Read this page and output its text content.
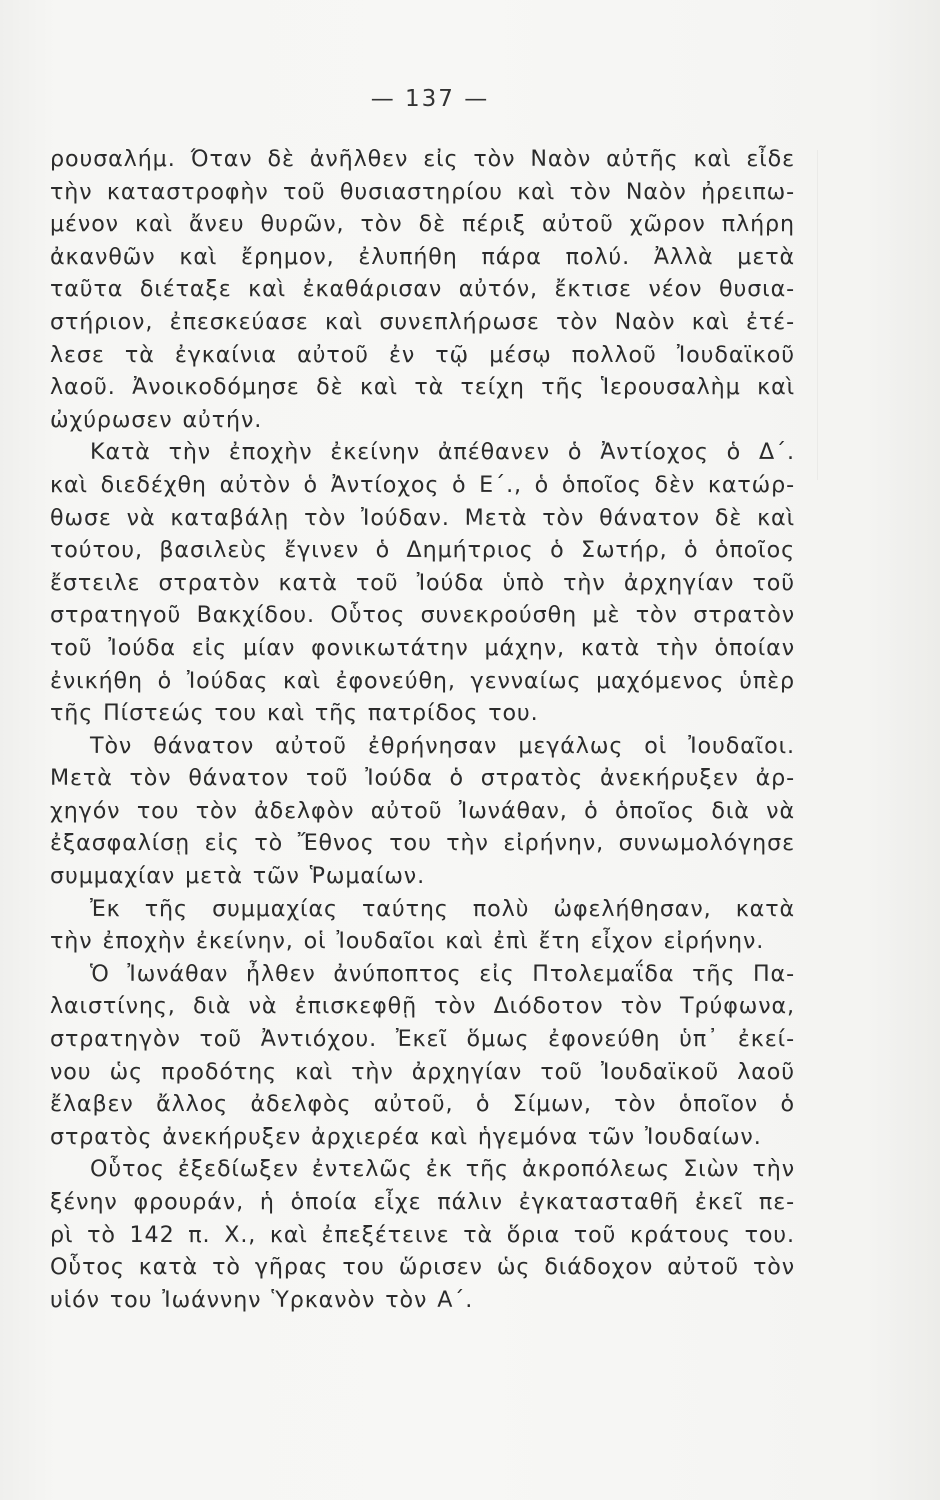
— 137 —
ρουσαλήμ. Όταν δὲ ἀνῆλθεν εἰς τὸν Ναὸν αὐτῆς καὶ εἶδε
τὴν καταστροφὴν τοῦ θυσιαστηρίου καὶ τὸν Ναὸν ἠρειπω-
μένον καὶ ἄνευ θυρῶν, τὸν δὲ πέριξ αὐτοῦ χῶρον πλήρη
ἀκανθῶν καὶ ἔρημον, ἐλυπήθη πάρα πολύ. Ἀλλὰ μετὰ
ταῦτα διέταξε καὶ ἐκαθάρισαν αὐτόν, ἔκτισε νέον θυσια-
στήριον, ἐπεσκεύασε καὶ συνεπλήρωσε τὸν Ναὸν καὶ ἐτέ-
λεσε τὰ ἐγκαίνια αὐτοῦ ἐν τῷ μέσῳ πολλοῦ Ἰουδαϊκοῦ
λαοῦ. Ἀνοικοδόμησε δὲ καὶ τὰ τείχη τῆς Ἱερουσαλὴμ καὶ
ὠχύρωσεν αὐτήν.
Κατὰ τὴν ἐποχὴν ἐκείνην ἀπέθανεν ὁ Ἀντίοχος ὁ Δ΄.
καὶ διεδέχθη αὐτὸν ὁ Ἀντίοχος ὁ Ε΄., ὁ ὁποῖος δὲν κατώρ-
θωσε νὰ καταβάλῃ τὸν Ἰούδαν. Μετὰ τὸν θάνατον δὲ καὶ
τούτου, βασιλεὺς ἔγινεν ὁ Δημήτριος ὁ Σωτήρ, ὁ ὁποῖος
ἔστειλε στρατὸν κατὰ τοῦ Ἰούδα ὑπὸ τὴν ἀρχηγίαν τοῦ
στρατηγοῦ Βακχίδου. Οὗτος συνεκρούσθη μὲ τὸν στρατὸν
τοῦ Ἰούδα εἰς μίαν φονικωτάτην μάχην, κατὰ τὴν ὁποίαν
ἐνικήθη ὁ Ἰούδας καὶ ἐφονεύθη, γενναίως μαχόμενος ὑπὲρ
τῆς Πίστεώς του καὶ τῆς πατρίδος του.
Τὸν θάνατον αὐτοῦ ἐθρήνησαν μεγάλως οἱ Ἰουδαῖοι.
Μετὰ τὸν θάνατον τοῦ Ἰούδα ὁ στρατὸς ἀνεκήρυξεν ἀρ-
χηγόν του τὸν ἀδελφὸν αὐτοῦ Ἰωνάθαν, ὁ ὁποῖος διὰ νὰ
ἐξασφαλίσῃ εἰς τὸ Ἔθνος του τὴν εἰρήνην, συνωμολόγησε
συμμαχίαν μετὰ τῶν Ῥωμαίων.
Ἐκ τῆς συμμαχίας ταύτης πολὺ ὠφελήθησαν, κατὰ
τὴν ἐποχὴν ἐκείνην, οἱ Ἰουδαῖοι καὶ ἐπὶ ἔτη εἶχον εἰρήνην.
Ὁ Ἰωνάθαν ἦλθεν ἀνύποπτος εἰς Πτολεμαΐδα τῆς Πα-
λαιστίνης, διὰ νὰ ἐπισκεφθῇ τὸν Διόδοτον τὸν Τρύφωνα,
στρατηγὸν τοῦ Ἀντιόχου. Ἐκεῖ ὅμως ἐφονεύθη ὑπ᾿ ἐκεί-
νου ὡς προδότης καὶ τὴν ἀρχηγίαν τοῦ Ἰουδαϊκοῦ λαοῦ
ἔλαβεν ἄλλος ἀδελφὸς αὐτοῦ, ὁ Σίμων, τὸν ὁποῖον ὁ
στρατὸς ἀνεκήρυξεν ἀρχιερέα καὶ ἡγεμόνα τῶν Ἰουδαίων.
Οὗτος ἐξεδίωξεν ἐντελῶς ἐκ τῆς ἀκροπόλεως Σιὼν τὴν
ξένην φρουράν, ἡ ὁποία εἶχε πάλιν ἐγκατασταθῆ ἐκεῖ πε-
ρὶ τὸ 142 π. Χ., καὶ ἐπεξέτεινε τὰ ὅρια τοῦ κράτους του.
Οὗτος κατὰ τὸ γῆρας του ὥρισεν ὡς διάδοχον αὐτοῦ τὸν
υἱόν του Ἰωάννην Ὑρκανὸν τὸν Α΄.
